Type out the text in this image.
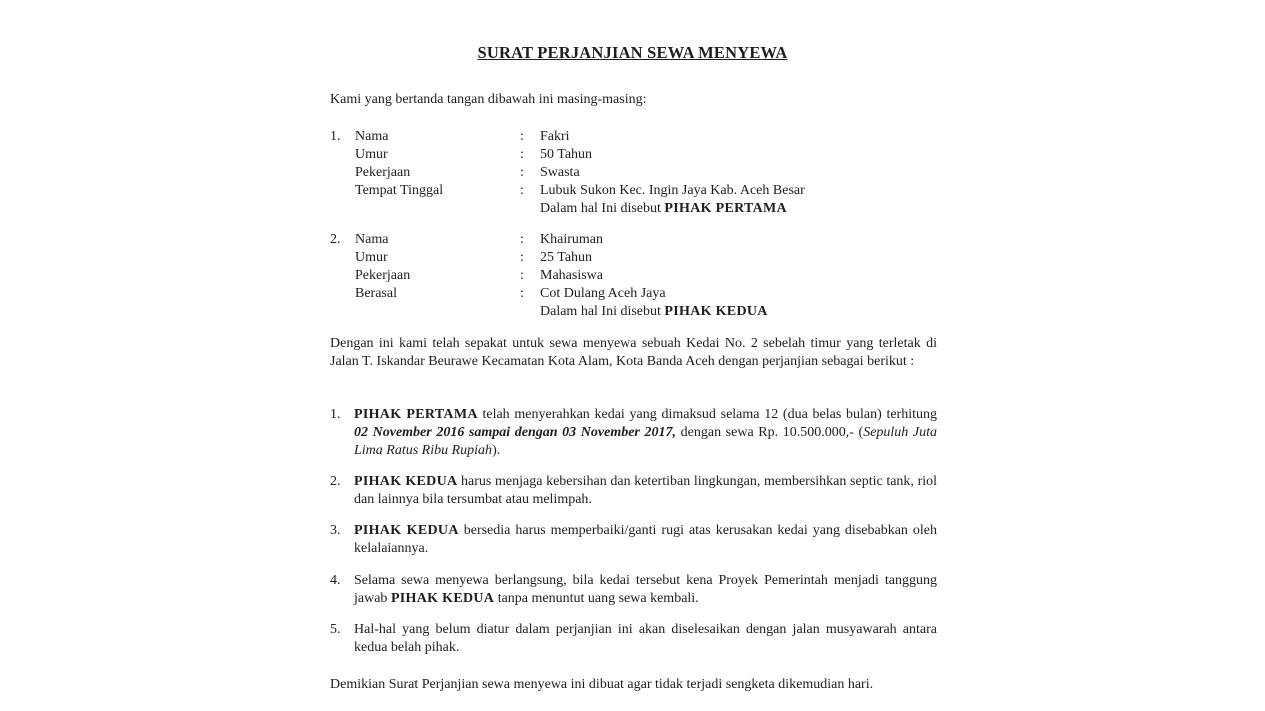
SURAT PERJANJIAN SEWA MENYEWA
Kami yang bertanda tangan dibawah ini masing-masing:
1. Nama	: Fakri
Umur	: 50 Tahun
Pekerjaan	: Swasta
Tempat Tinggal	: Lubuk Sukon Kec. Ingin Jaya Kab. Aceh Besar
Dalam hal Ini disebut PIHAK PERTAMA
2. Nama	: Khairuman
Umur	: 25 Tahun
Pekerjaan	: Mahasiswa
Berasal	: Cot Dulang Aceh Jaya
Dalam hal Ini disebut PIHAK KEDUA
Dengan ini kami telah sepakat untuk sewa menyewa sebuah Kedai No. 2 sebelah timur yang terletak di Jalan T. Iskandar Beurawe Kecamatan Kota Alam, Kota Banda Aceh dengan perjanjian sebagai berikut :
1. PIHAK PERTAMA telah menyerahkan kedai yang dimaksud selama 12 (dua belas bulan) terhitung 02 November 2016 sampai dengan 03 November 2017, dengan sewa Rp. 10.500.000,- (Sepuluh Juta Lima Ratus Ribu Rupiah).
2. PIHAK KEDUA harus menjaga kebersihan dan ketertiban lingkungan, membersihkan septic tank, riol dan lainnya bila tersumbat atau melimpah.
3. PIHAK KEDUA bersedia harus memperbaiki/ganti rugi atas kerusakan kedai yang disebabkan oleh kelalaiannya.
4. Selama sewa menyewa berlangsung, bila kedai tersebut kena Proyek Pemerintah menjadi tanggung jawab PIHAK KEDUA tanpa menuntut uang sewa kembali.
5. Hal-hal yang belum diatur dalam perjanjian ini akan diselesaikan dengan jalan musyawarah antara kedua belah pihak.
Demikian Surat Perjanjian sewa menyewa ini dibuat agar tidak terjadi sengketa dikemudian hari.
